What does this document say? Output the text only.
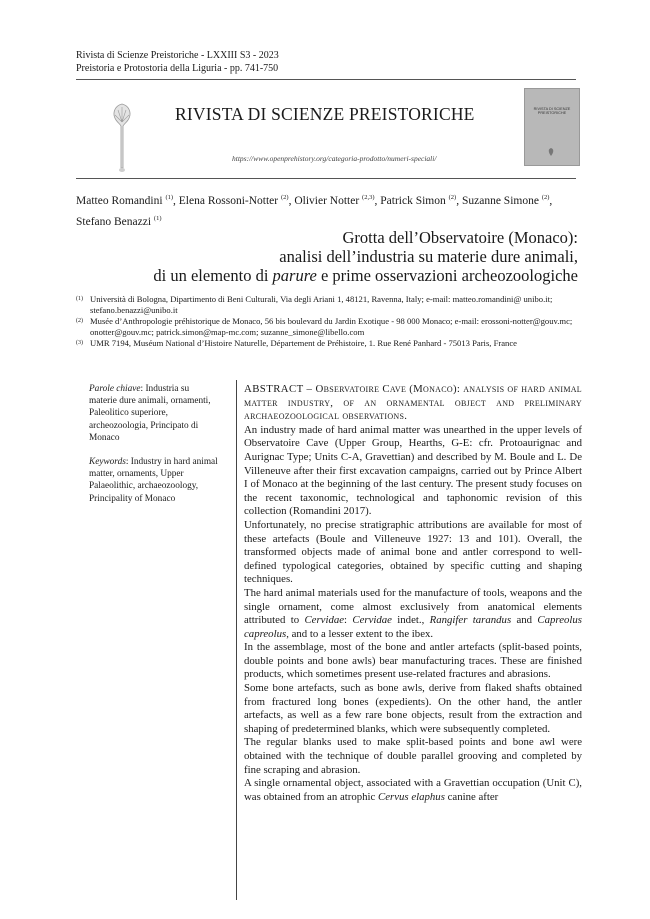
Rivista di Scienze Preistoriche - LXXIII S3 - 2023
Preistoria e Protostoria della Liguria - pp. 741-750
RIVISTA DI SCIENZE PREISTORICHE
https://www.openprehistory.org/categoria-prodotto/numeri-speciali/
RIVISTA DI SCIENZE PREISTORICHE
Matteo Romandini $^{(1)}$, Elena Rossoni-Notter $^{(2)}$, Olivier Notter $^{(2,3)}$, Patrick Simon $^{(2)}$, Suzanne Simone $^{(2)}$,
Stefano Benazzi $^{(1)}$
Grotta dell’Observatoire (Monaco):
analisi dell’industria su materie dure animali,
di un elemento di parure e prime osservazioni archeozoologiche
(1) Università di Bologna, Dipartimento di Beni Culturali, Via degli Ariani 1, 48121, Ravenna, Italy; e-mail: matteo.romandini@ unibo.it; stefano.benazzi@unibo.it
(2) Musée d’Anthropologie préhistorique de Monaco, 56 bis boulevard du Jardin Exotique - 98 000 Monaco; e-mail: erossoni-notter@gouv.mc; onotter@gouv.mc; patrick.simon@map-mc.com; suzanne_simone@libello.com
(3) UMR 7194, Muséum National d’Histoire Naturelle, Département de Préhistoire, 1. Rue René Panhard - 75013 Paris, France
Parole chiave: Industria su materie dure animali, ornamenti, Paleolitico superiore, archeozoologia, Principato di Monaco
Keywords: Industry in hard animal matter, ornaments, Upper Palaeolithic, archaeozoology, Principality of Monaco

ABSTRACT – Observatoire Cave (Monaco): analysis of hard animal matter industry, of an ornamental object and preliminary archaeozoological observations.

An industry made of hard animal matter was unearthed in the upper levels of Observatoire Cave (Upper Group, Hearths, G-E: cfr. Protoaurignac and Aurignac Type; Units C-A, Gravettian) and described by M. Boule and L. De Villeneuve after their first excavation campaigns, carried out by Prince Albert I of Monaco at the beginning of the last century. The present study focuses on the recent taxonomic, technological and taphonomic revision of this collection (Romandini 2017).

Unfortunately, no precise stratigraphic attributions are available for most of these artefacts (Boule and Villeneuve 1927: 13 and 101). Overall, the transformed objects made of animal bone and antler correspond to well-defined typological categories, obtained by specific cutting and shaping techniques.

The hard animal materials used for the manufacture of tools, weapons and the single ornament, come almost exclusively from anatomical elements attributed to Cervidae: Cervidae indet., Rangifer tarandus and Capreolus capreolus, and to a lesser extent to the ibex.

In the assemblage, most of the bone and antler artefacts (split-based points, double points and bone awls) bear manufacturing traces. These are finished products, which sometimes present use-related fractures and abrasions.

Some bone artefacts, such as bone awls, derive from flaked shafts obtained from fractured long bones (expedients). On the other hand, the antler artefacts, as well as a few rare bone objects, result from the extraction and shaping of predetermined blanks, which were subsequently completed.

The regular blanks used to make split-based points and bone awl were obtained with the technique of double parallel grooving and completed by fine scraping and abrasion.

A single ornamental object, associated with a Gravettian occupation (Unit C), was obtained from an atrophic Cervus elaphus canine after
